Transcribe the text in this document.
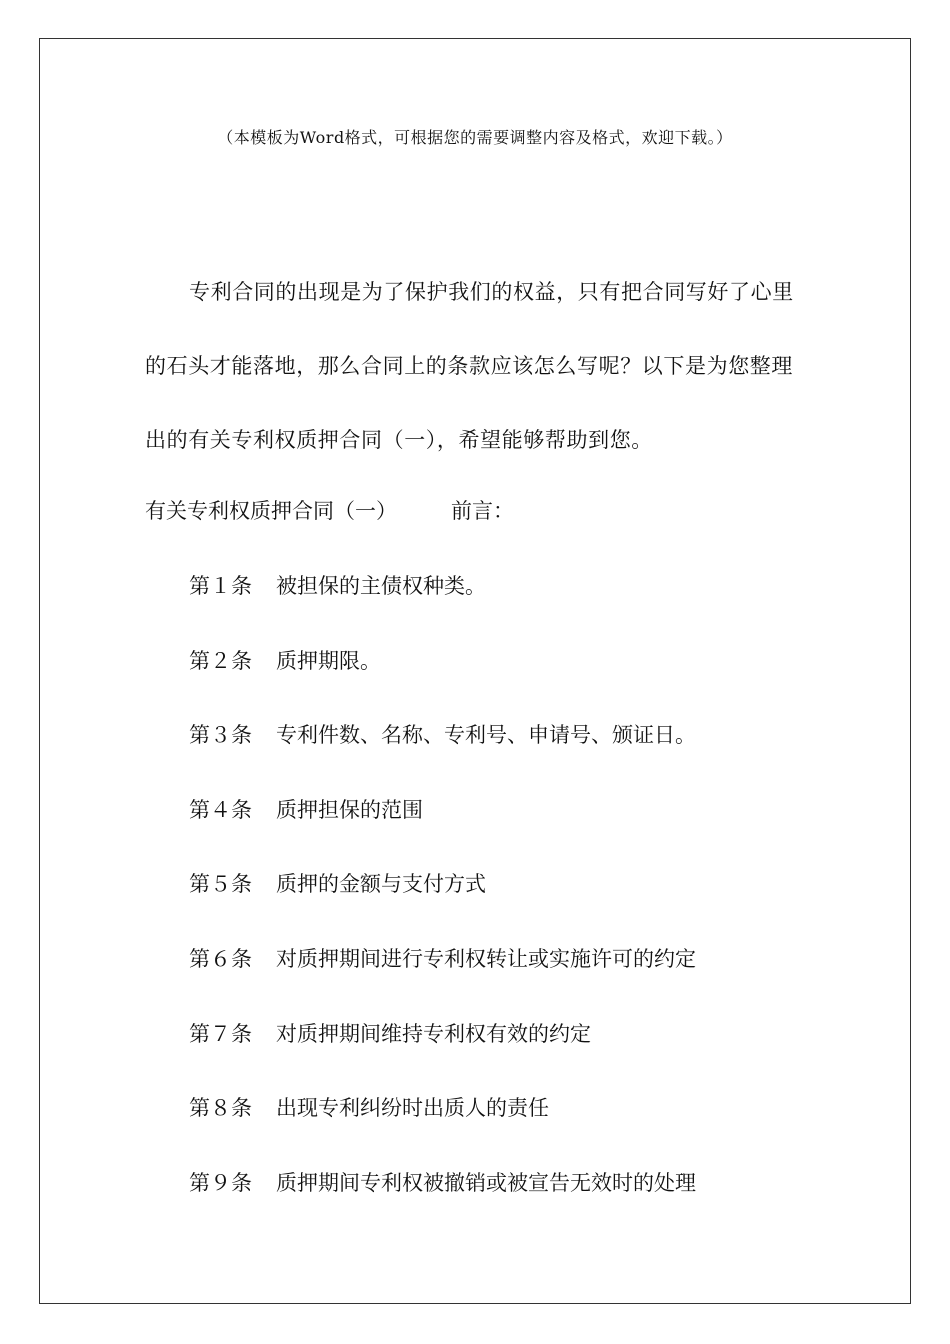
（本模板为Word格式，可根据您的需要调整内容及格式，欢迎下载。）

专利合同的出现是为了保护我们的权益，只有把合同写好了心里的石头才能落地，那么合同上的条款应该怎么写呢？以下是为您整理出的有关专利权质押合同（一），希望能够帮助到您。

有关专利权质押合同（一）	前言：
第１条 被担保的主债权种类。
第２条 质押期限。
第３条 专利件数、名称、专利号、申请号、颁证日。
第４条 质押担保的范围
第５条 质押的金额与支付方式
第６条 对质押期间进行专利权转让或实施许可的约定
第７条 对质押期间维持专利权有效的约定
第８条 出现专利纠纷时出质人的责任
第９条 质押期间专利权被撤销或被宣告无效时的处理
